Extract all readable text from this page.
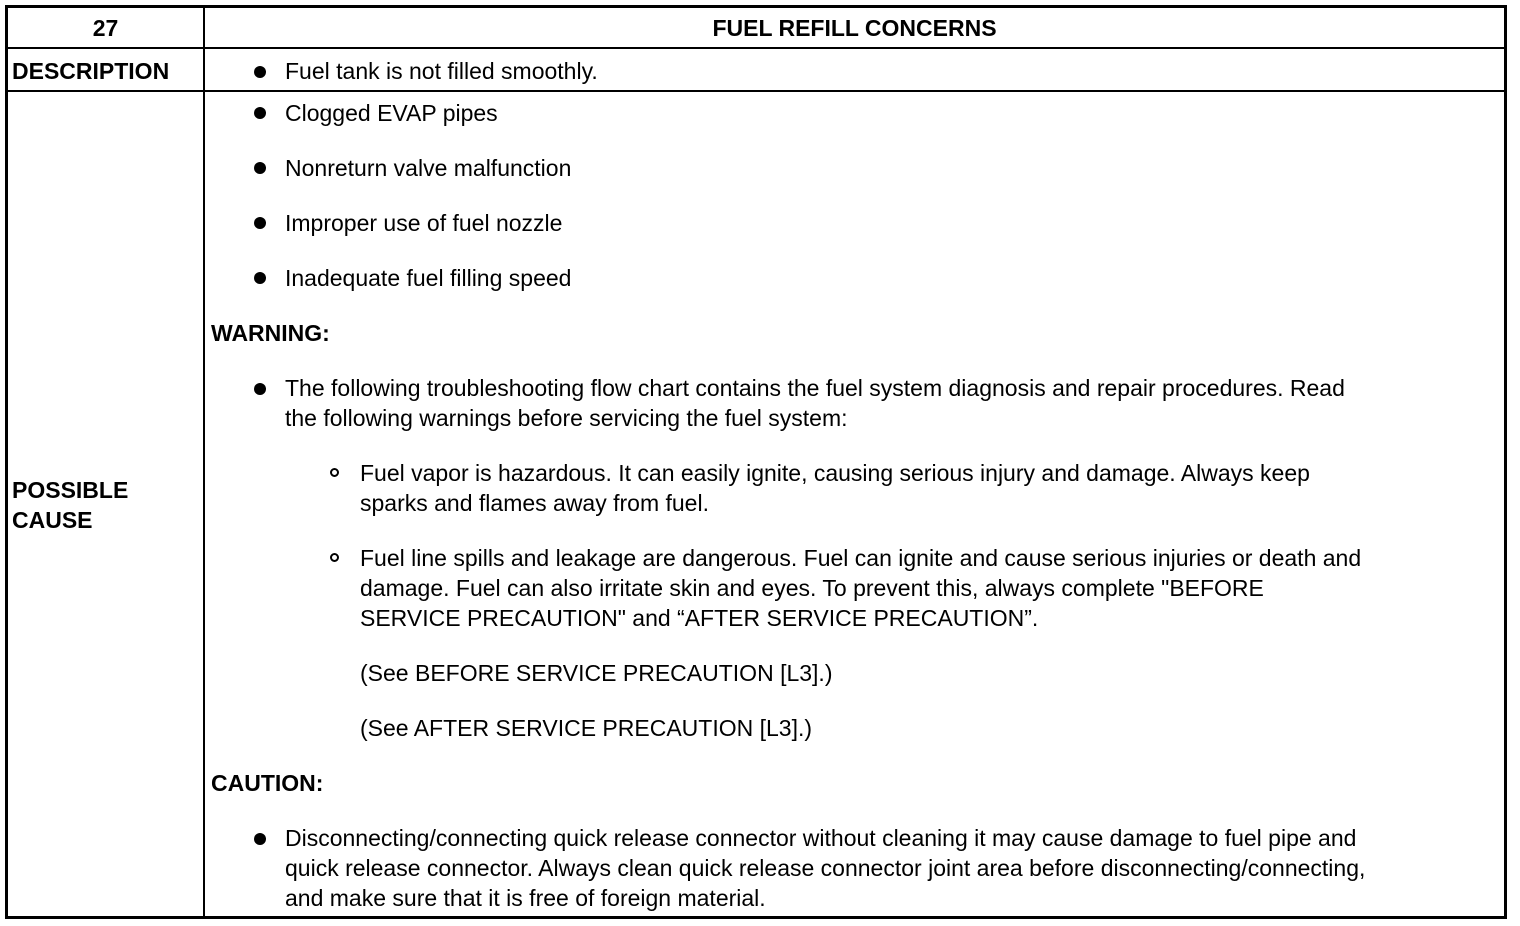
27	FUEL REFILL CONCERNS
DESCRIPTION	Fuel tank is not filled smoothly.
POSSIBLE
CAUSE
Clogged EVAP pipes
Nonreturn valve malfunction
Improper use of fuel nozzle
Inadequate fuel filling speed
WARNING:
The following troubleshooting flow chart contains the fuel system diagnosis and repair procedures. Read
the following warnings before servicing the fuel system:
Fuel vapor is hazardous. It can easily ignite, causing serious injury and damage. Always keep
sparks and flames away from fuel.
Fuel line spills and leakage are dangerous. Fuel can ignite and cause serious injuries or death and
damage. Fuel can also irritate skin and eyes. To prevent this, always complete "BEFORE
SERVICE PRECAUTION" and “AFTER SERVICE PRECAUTION”.
(See BEFORE SERVICE PRECAUTION [L3].)
(See AFTER SERVICE PRECAUTION [L3].)
CAUTION:
Disconnecting/connecting quick release connector without cleaning it may cause damage to fuel pipe and
quick release connector. Always clean quick release connector joint area before disconnecting/connecting,
and make sure that it is free of foreign material.
